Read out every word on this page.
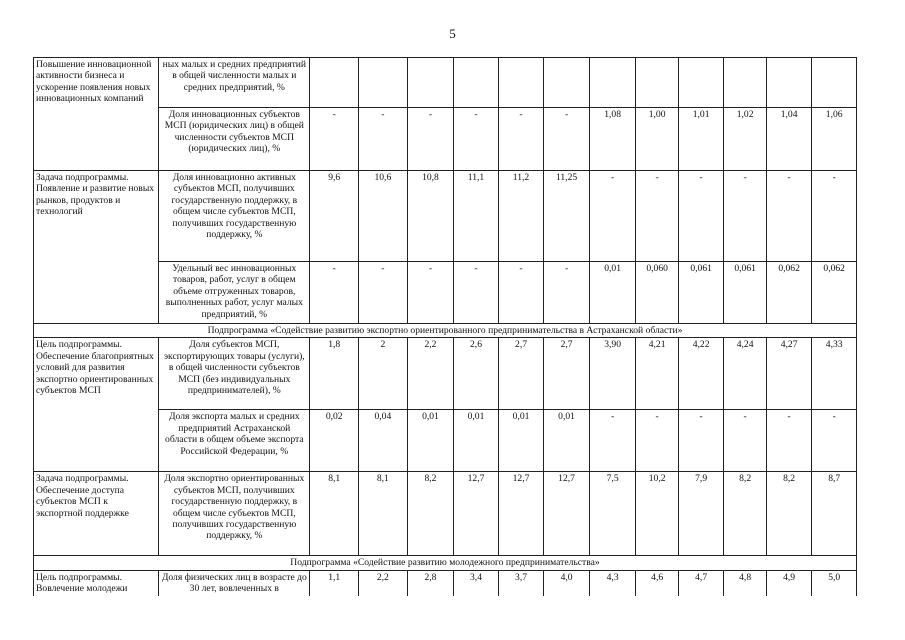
5
Повышение инновационной активности бизнеса и ускорение появления новых инновационных компаний	ных малых и средних предприятий в общей численности малых и средних предприятий, %												
	Доля инновационных субъектов МСП (юридических лиц) в общей численности субъектов МСП (юридических лиц), %	-	-	-	-	-	-	1,08	1,00	1,01	1,02	1,04	1,06
Задача подпрограммы. Появление и развитие новых рынков, продуктов и технологий	Доля инновационно активных субъектов МСП, получивших государственную поддержку, в общем числе субъектов МСП, получивших государственную поддержку, %	9,6	10,6	10,8	11,1	11,2	11,25	-	-	-	-	-	-
	Удельный вес инновационных товаров, работ, услуг в общем объеме отгруженных товаров, выполненных работ, услуг малых предприятий, %	-	-	-	-	-	-	0,01	0,060	0,061	0,061	0,062	0,062
Подпрограмма «Содействие развитию экспортно ориентированного предпринимательства в Астраханской области»													
Цель подпрограммы. Обеспечение благоприятных условий для развития экспортно ориентированных субъектов МСП	Доля субъектов МСП, экспортирующих товары (услуги), в общей численности субъектов МСП (без индивидуальных предпринимателей), %	1,8	2	2,2	2,6	2,7	2,7	3,90	4,21	4,22	4,24	4,27	4,33
	Доля экспорта малых и средних предприятий Астраханской области в общем объеме экспорта Российской Федерации, %	0,02	0,04	0,01	0,01	0,01	0,01	-	-	-	-	-	-
Задача подпрограммы. Обеспечение доступа субъектов МСП к экспортной поддержке	Доля экспортно ориентированных субъектов МСП, получивших государственную поддержку, в общем числе субъектов МСП, получивших государственную поддержку, %	8,1	8,1	8,2	12,7	12,7	12,7	7,5	10,2	7,9	8,2	8,2	8,7
Подпрограмма «Содействие развитию молодежного предпринимательства»													
Цель подпрограммы. Вовлечение молодежи	Доля физических лиц в возрасте до 30 лет, вовлеченных в	1,1	2,2	2,8	3,4	3,7	4,0	4,3	4,6	4,7	4,8	4,9	5,0
